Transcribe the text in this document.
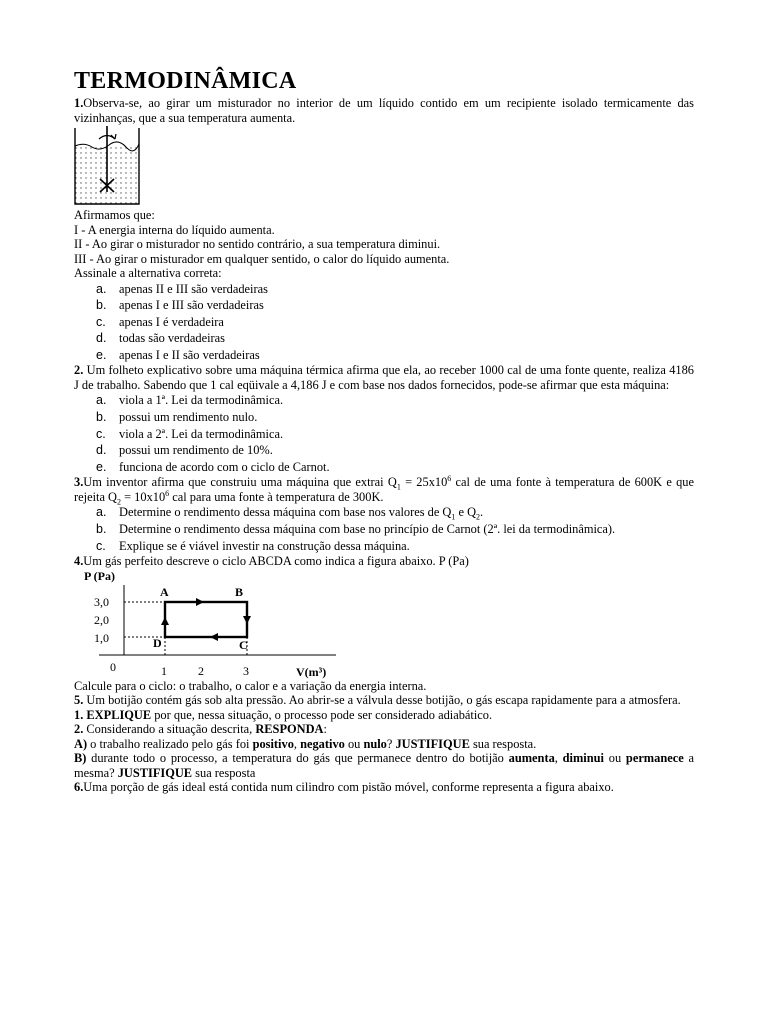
TERMODINÂMICA

1.Observa-se, ao girar um misturador no interior de um líquido contido em um recipiente isolado termicamente das vizinhanças, que a sua temperatura aumenta.

Afirmamos que:

I - A energia interna do líquido aumenta.

II - Ao girar o misturador no sentido contrário, a sua temperatura diminui.

III - Ao girar o misturador em qualquer sentido, o calor do líquido aumenta.

Assinale a alternativa correta:

a. apenas II e III são verdadeiras
b. apenas I e III são verdadeiras
c. apenas I é verdadeira
d. todas são verdadeiras
e. apenas I e II são verdadeiras

2. Um folheto explicativo sobre uma máquina térmica afirma que ela, ao receber 1000 cal de uma fonte quente, realiza 4186 J de trabalho. Sabendo que 1 cal eqüivale a 4,186 J e com base nos dados fornecidos, pode-se afirmar que esta máquina:

a. viola a 1ª. Lei da termodinâmica.
b. possui um rendimento nulo.
c. viola a 2ª. Lei da termodinâmica.
d. possui um rendimento de 10%.
e. funciona de acordo com o ciclo de Carnot.

3.Um inventor afirma que construiu uma máquina que extrai $Q_1 = 25x10^6$ cal de uma fonte à temperatura de 600K e que rejeita $Q_2 = 10x10^6$ cal para uma fonte à temperatura de 300K.

a. Determine o rendimento dessa máquina com base nos valores de $Q_1$ e $Q_2$.
b. Determine o rendimento dessa máquina com base no princípio de Carnot (2ª. lei da termodinâmica).
c. Explique se é viável investir na construção dessa máquina.

4.Um gás perfeito descreve o ciclo ABCDA como indica a figura abaixo. P (Pa)

P (Pa)
3,0
2,0
1,0
0	1	2	3	V(m³)
A	B
C
D

Calcule para o ciclo: o trabalho, o calor e a variação da energia interna.

5. Um botijão contém gás sob alta pressão. Ao abrir-se a válvula desse botijão, o gás escapa rapidamente para a atmosfera.

1. EXPLIQUE por que, nessa situação, o processo pode ser considerado adiabático.

2. Considerando a situação descrita, RESPONDA:

A) o trabalho realizado pelo gás foi positivo, negativo ou nulo? JUSTIFIQUE sua resposta.

B) durante todo o processo, a temperatura do gás que permanece dentro do botijão aumenta, diminui ou permanece a mesma? JUSTIFIQUE sua resposta

6.Uma porção de gás ideal está contida num cilindro com pistão móvel, conforme representa a figura abaixo.
